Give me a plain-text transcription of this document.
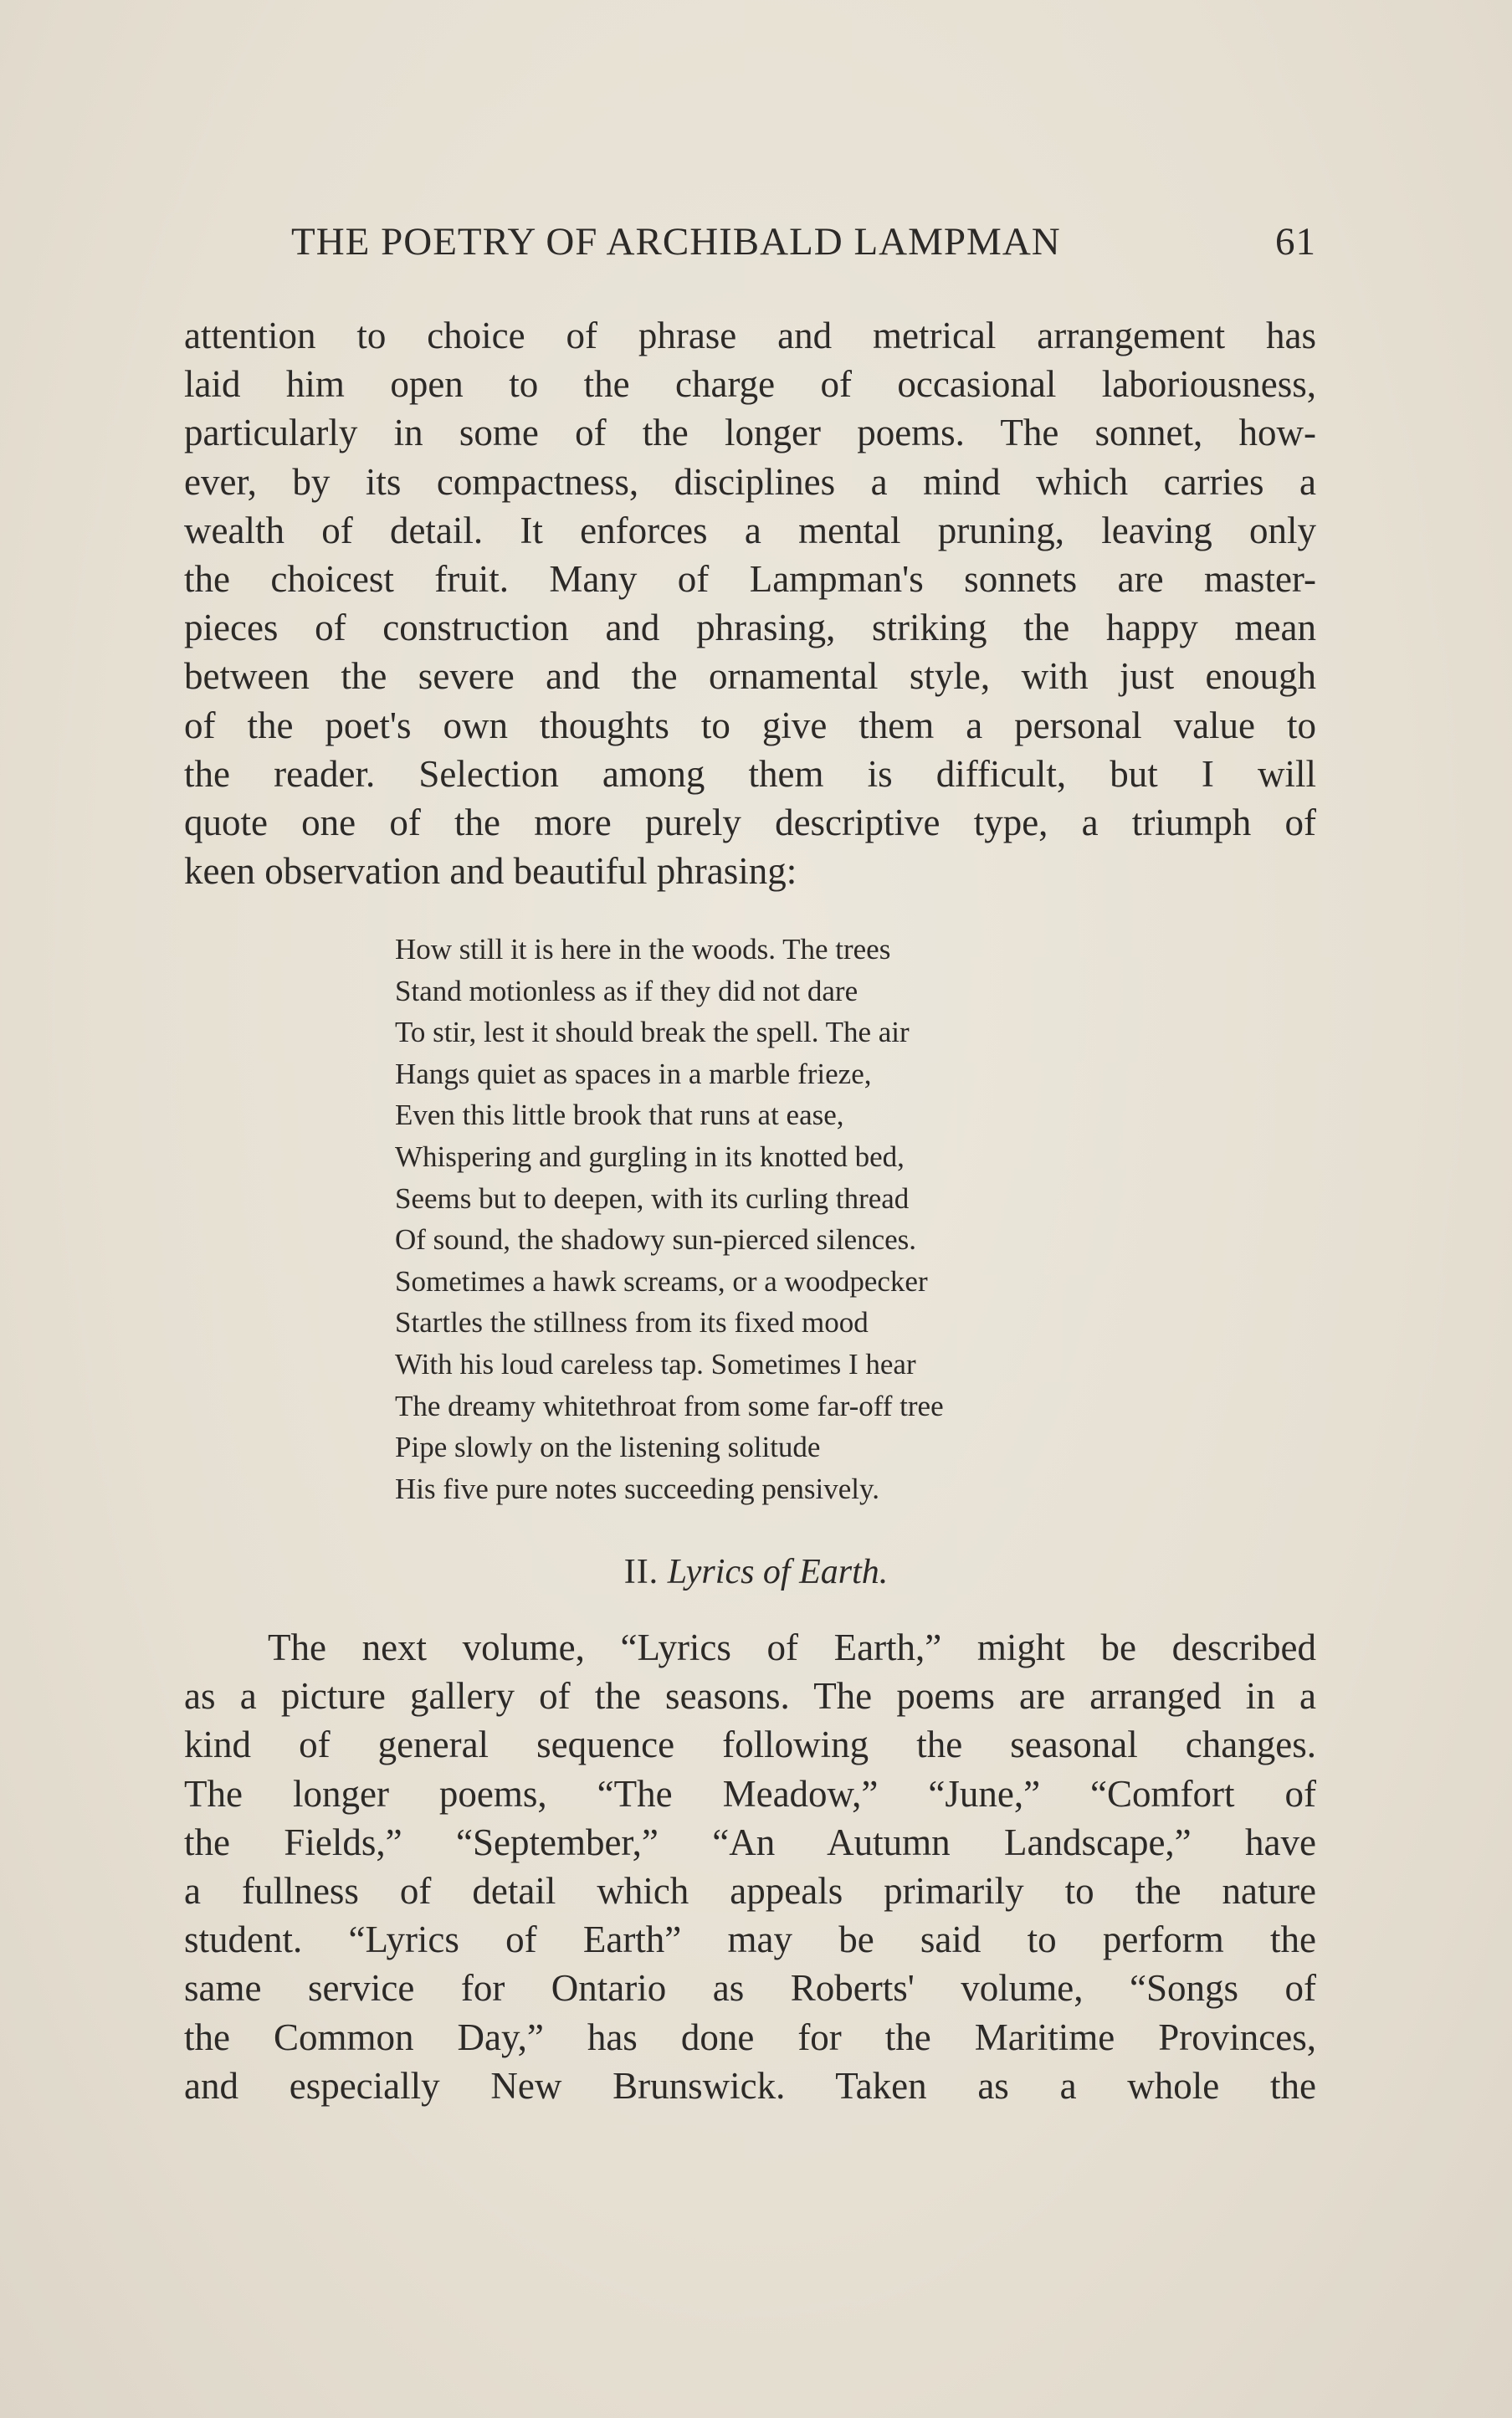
THE POETRY OF ARCHIBALD LAMPMAN	61
attention to choice of phrase and metrical arrangement has
laid him open to the charge of occasional laboriousness,
particularly in some of the longer poems. The sonnet, how-
ever, by its compactness, disciplines a mind which carries a
wealth of detail. It enforces a mental pruning, leaving only
the choicest fruit. Many of Lampman's sonnets are master-
pieces of construction and phrasing, striking the happy mean
between the severe and the ornamental style, with just enough
of the poet's own thoughts to give them a personal value to
the reader. Selection among them is difficult, but I will
quote one of the more purely descriptive type, a triumph of
keen observation and beautiful phrasing:
How still it is here in the woods. The trees
Stand motionless as if they did not dare
To stir, lest it should break the spell. The air
Hangs quiet as spaces in a marble frieze,
Even this little brook that runs at ease,
Whispering and gurgling in its knotted bed,
Seems but to deepen, with its curling thread
Of sound, the shadowy sun-pierced silences.
Sometimes a hawk screams, or a woodpecker
Startles the stillness from its fixed mood
With his loud careless tap. Sometimes I hear
The dreamy whitethroat from some far-off tree
Pipe slowly on the listening solitude
His five pure notes succeeding pensively.
II. Lyrics of Earth.
The next volume, “Lyrics of Earth,” might be described
as a picture gallery of the seasons. The poems are arranged in a
kind of general sequence following the seasonal changes.
The longer poems, “The Meadow,” “June,” “Comfort of
the Fields,” “September,” “An Autumn Landscape,” have
a fullness of detail which appeals primarily to the nature
student. “Lyrics of Earth” may be said to perform the
same service for Ontario as Roberts' volume, “Songs of
the Common Day,” has done for the Maritime Provinces,
and especially New Brunswick. Taken as a whole the
